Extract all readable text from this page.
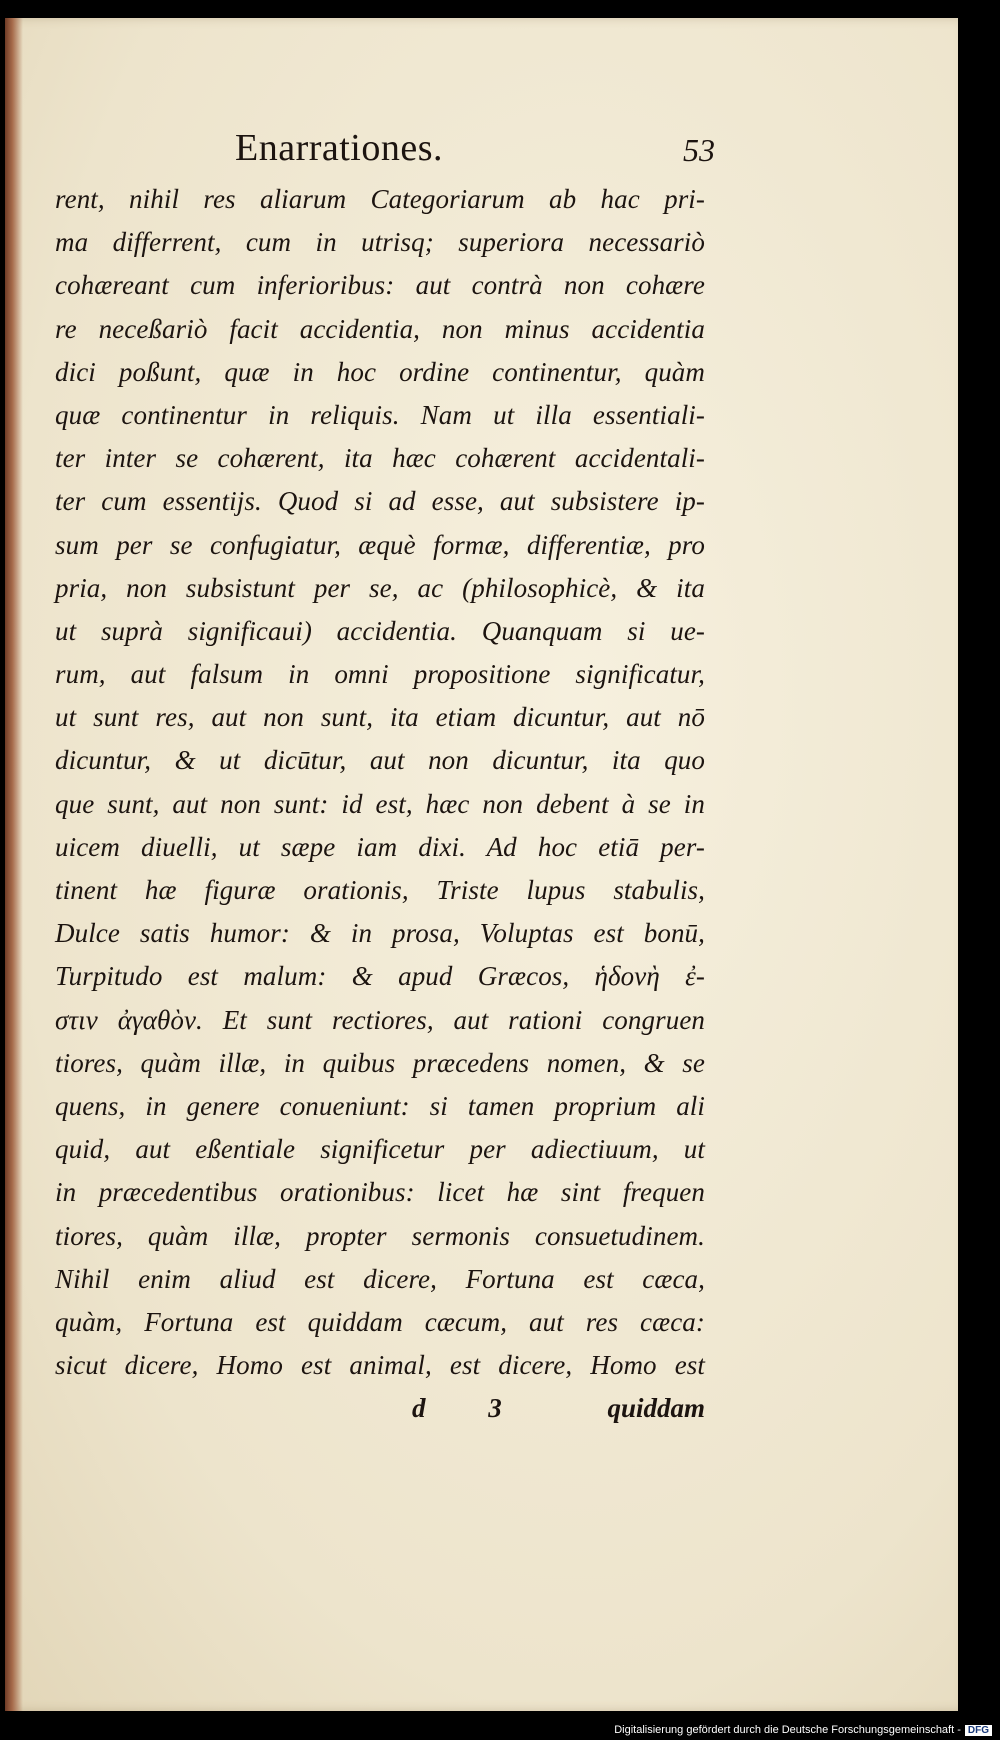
Enarrationes.	53
rent, nihil res aliarum Categoriarum ab hac pri-
ma differrent, cum in utrisq; superiora necessariò
cohæreant cum inferioribus: aut contrà non cohære
re neceßariò facit accidentia, non minus accidentia
dici poßunt, quæ in hoc ordine continentur, quàm
quæ continentur in reliquis. Nam ut illa essentiali-
ter inter se cohærent, ita hæc cohærent accidentali-
ter cum essentijs. Quod si ad esse, aut subsistere ip-
sum per se confugiatur, æquè formæ, differentiæ, pro
pria, non subsistunt per se, ac (philosophicè, & ita
ut suprà significaui) accidentia. Quanquam si ue-
rum, aut falsum in omni propositione significatur,
ut sunt res, aut non sunt, ita etiam dicuntur, aut nō
dicuntur, & ut dicūtur, aut non dicuntur, ita quo
que sunt, aut non sunt: id est, hæc non debent à se in
uicem diuelli, ut sæpe iam dixi. Ad hoc etiā per-
tinent hæ figuræ orationis, Triste lupus stabulis,
Dulce satis humor: & in prosa, Voluptas est bonū,
Turpitudo est malum: & apud Græcos, ἡδονὴ ἐ-
στιν ἀγαθὸν. Et sunt rectiores, aut rationi congruen
tiores, quàm illæ, in quibus præcedens nomen, & se
quens, in genere conueniunt: si tamen proprium ali
quid, aut eßentiale significetur per adiectiuum, ut
in præcedentibus orationibus: licet hæ sint frequen
tiores, quàm illæ, propter sermonis consuetudinem.
Nihil enim aliud est dicere, Fortuna est cæca,
quàm, Fortuna est quiddam cæcum, aut res cæca:
sicut dicere, Homo est animal, est dicere, Homo est
d 3	quiddam
Digitalisierung gefördert durch die Deutsche Forschungsgemeinschaft - DFG
